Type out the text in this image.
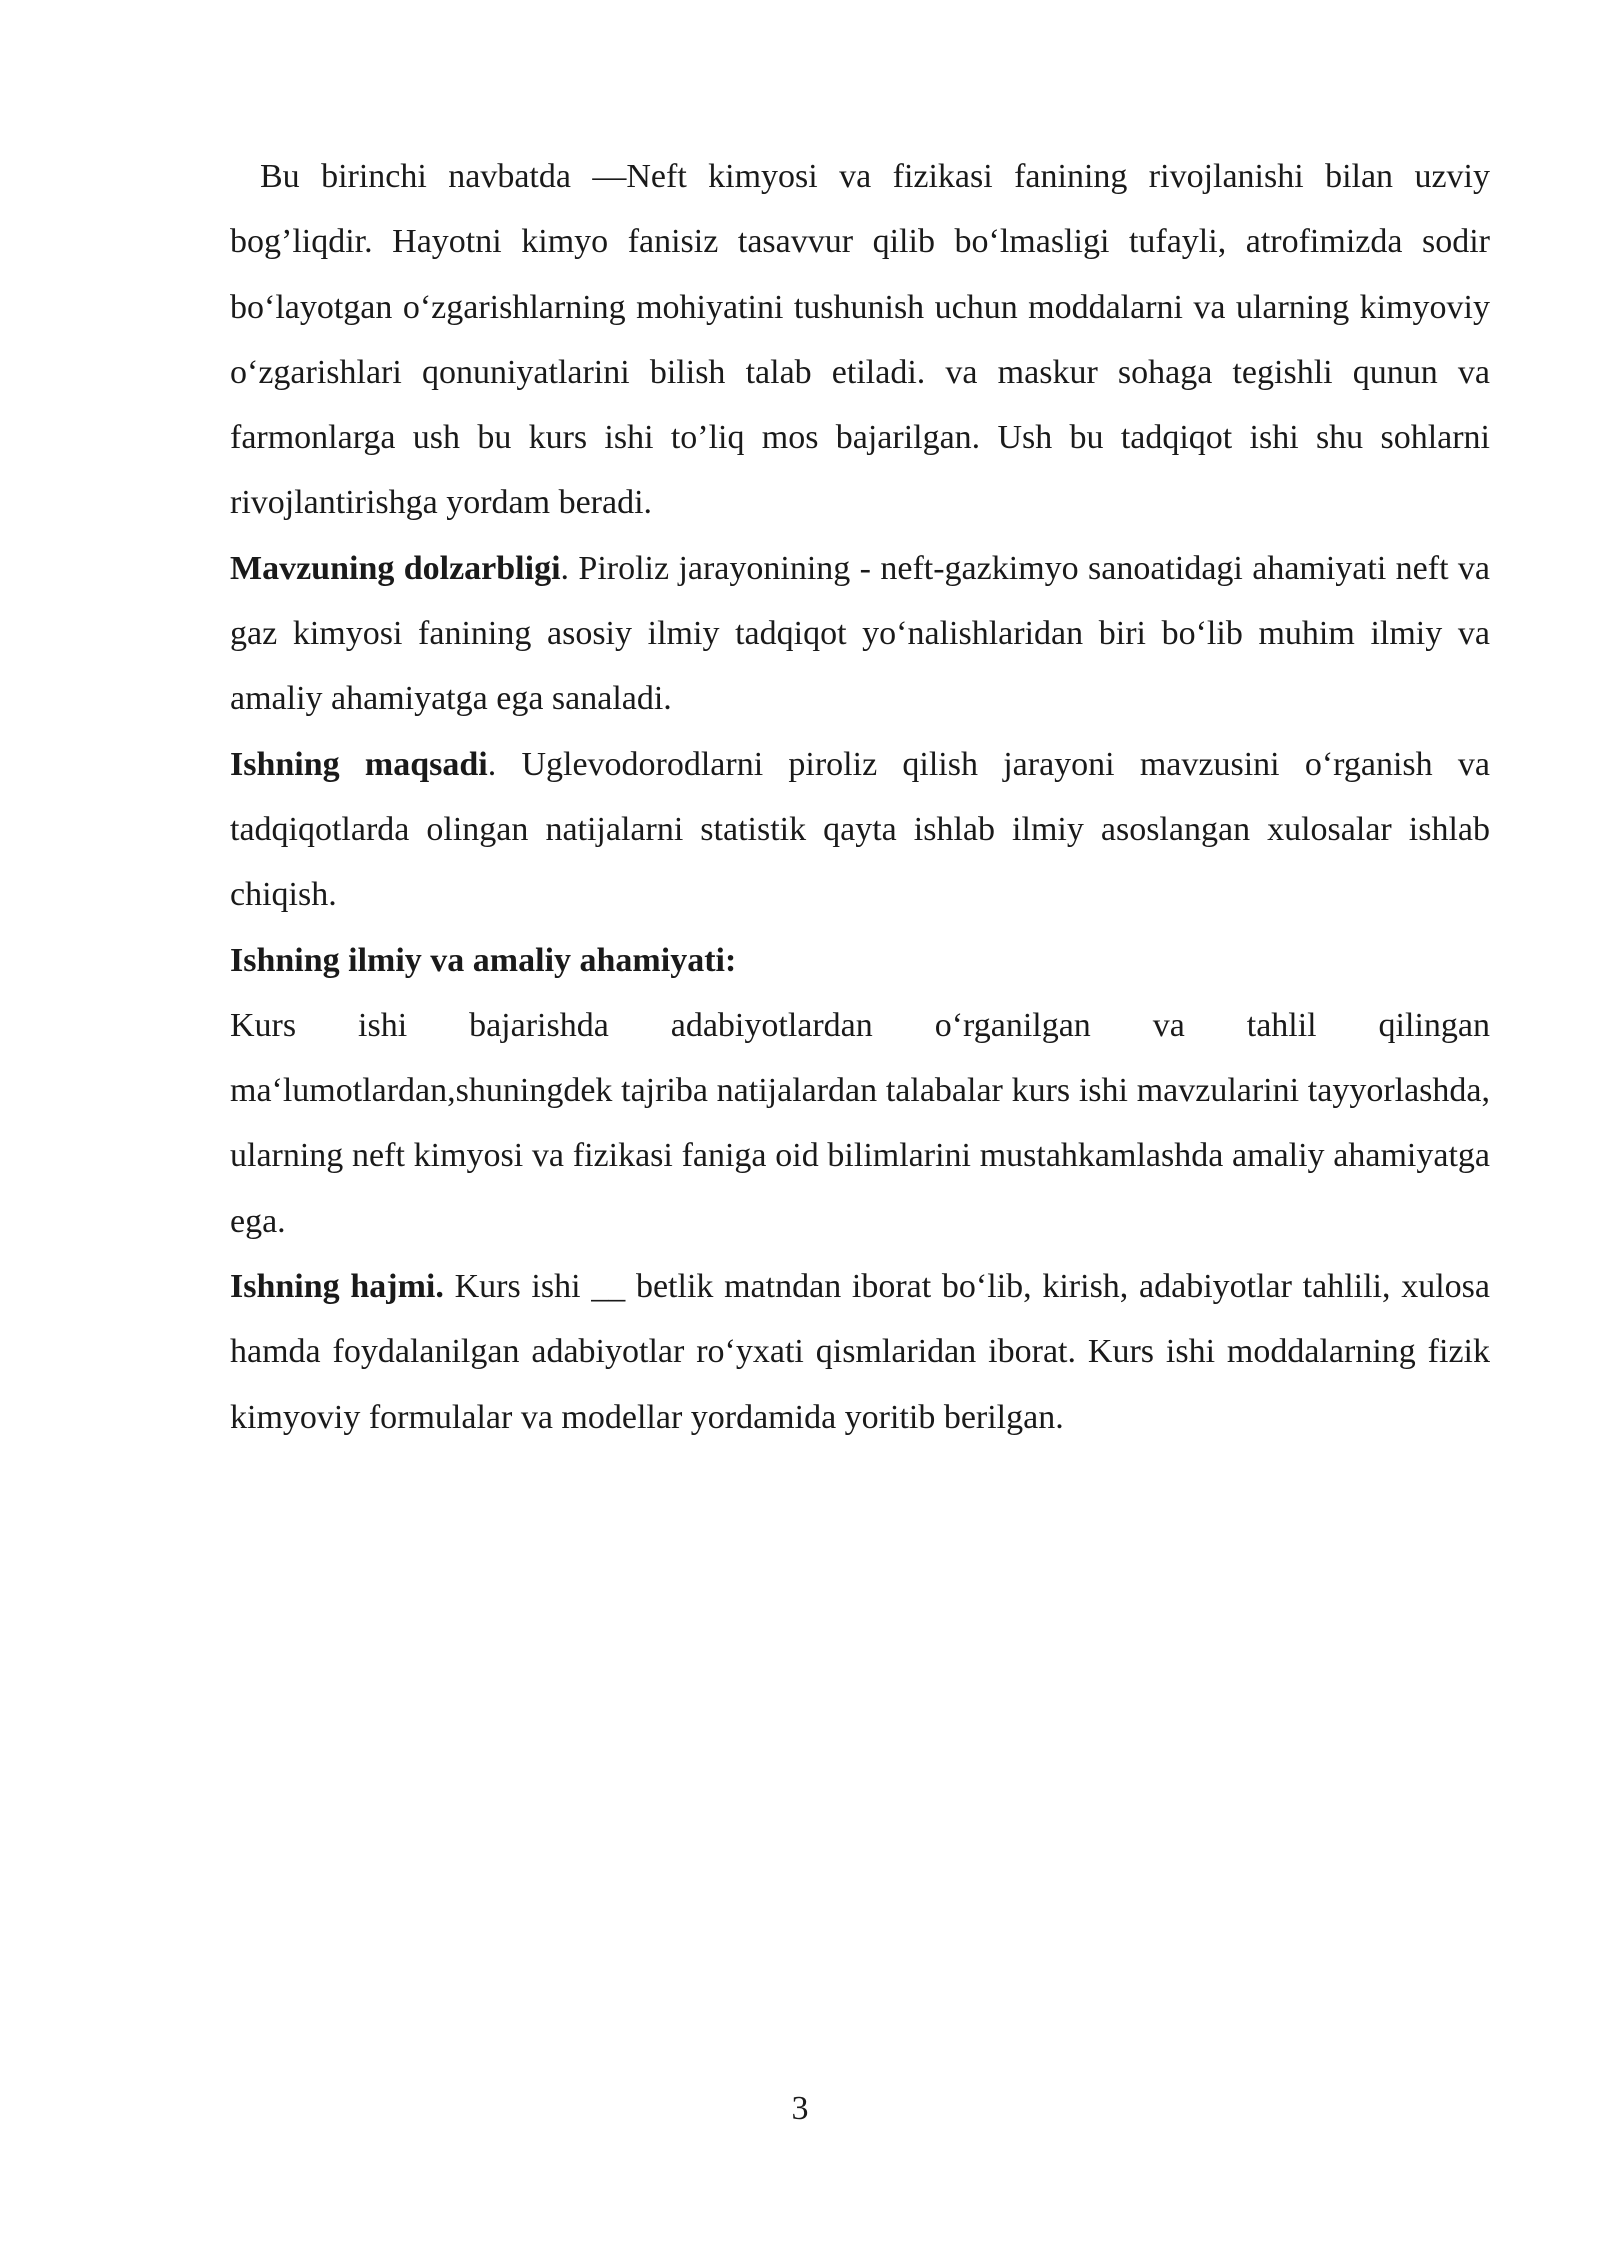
Bu birinchi navbatda —Neft kimyosi va fizikasi fanining rivojlanishi bilan uzviy bog’liqdir. Hayotni kimyo fanisiz tasavvur qilib bo‘lmasligi tufayli, atrofimizda sodir bo‘layotgan o‘zgarishlarning mohiyatini tushunish uchun moddalarni va ularning kimyoviy o‘zgarishlari qonuniyatlarini bilish talab etiladi. va maskur sohaga tegishli qunun va farmonlarga ush bu kurs ishi to’liq mos bajarilgan. Ush bu tadqiqot ishi shu sohlarni rivojlantirishga yordam beradi.

Mavzuning dolzarbligi. Piroliz jarayonining - neft-gazkimyo sanoatidagi ahamiyati neft va gaz kimyosi fanining asosiy ilmiy tadqiqot yo‘nalishlaridan biri bo‘lib muhim ilmiy va amaliy ahamiyatga ega sanaladi.

Ishning maqsadi. Uglevodorodlarni piroliz qilish jarayoni mavzusini o‘rganish va tadqiqotlarda olingan natijalarni statistik qayta ishlab ilmiy asoslangan xulosalar ishlab chiqish.

Ishning ilmiy va amaliy ahamiyati:

Kurs ishi bajarishda adabiyotlardan o‘rganilgan va tahlil qilingan ma‘lumotlardan,shuningdek tajriba natijalardan talabalar kurs ishi mavzularini tayyorlashda, ularning neft kimyosi va fizikasi faniga oid bilimlarini mustahkamlashda amaliy ahamiyatga ega.

Ishning hajmi. Kurs ishi __ betlik matndan iborat bo‘lib, kirish, adabiyotlar tahlili, xulosa hamda foydalanilgan adabiyotlar ro‘yxati qismlaridan iborat. Kurs ishi moddalarning fizik kimyoviy formulalar va modellar yordamida yoritib berilgan.

3
